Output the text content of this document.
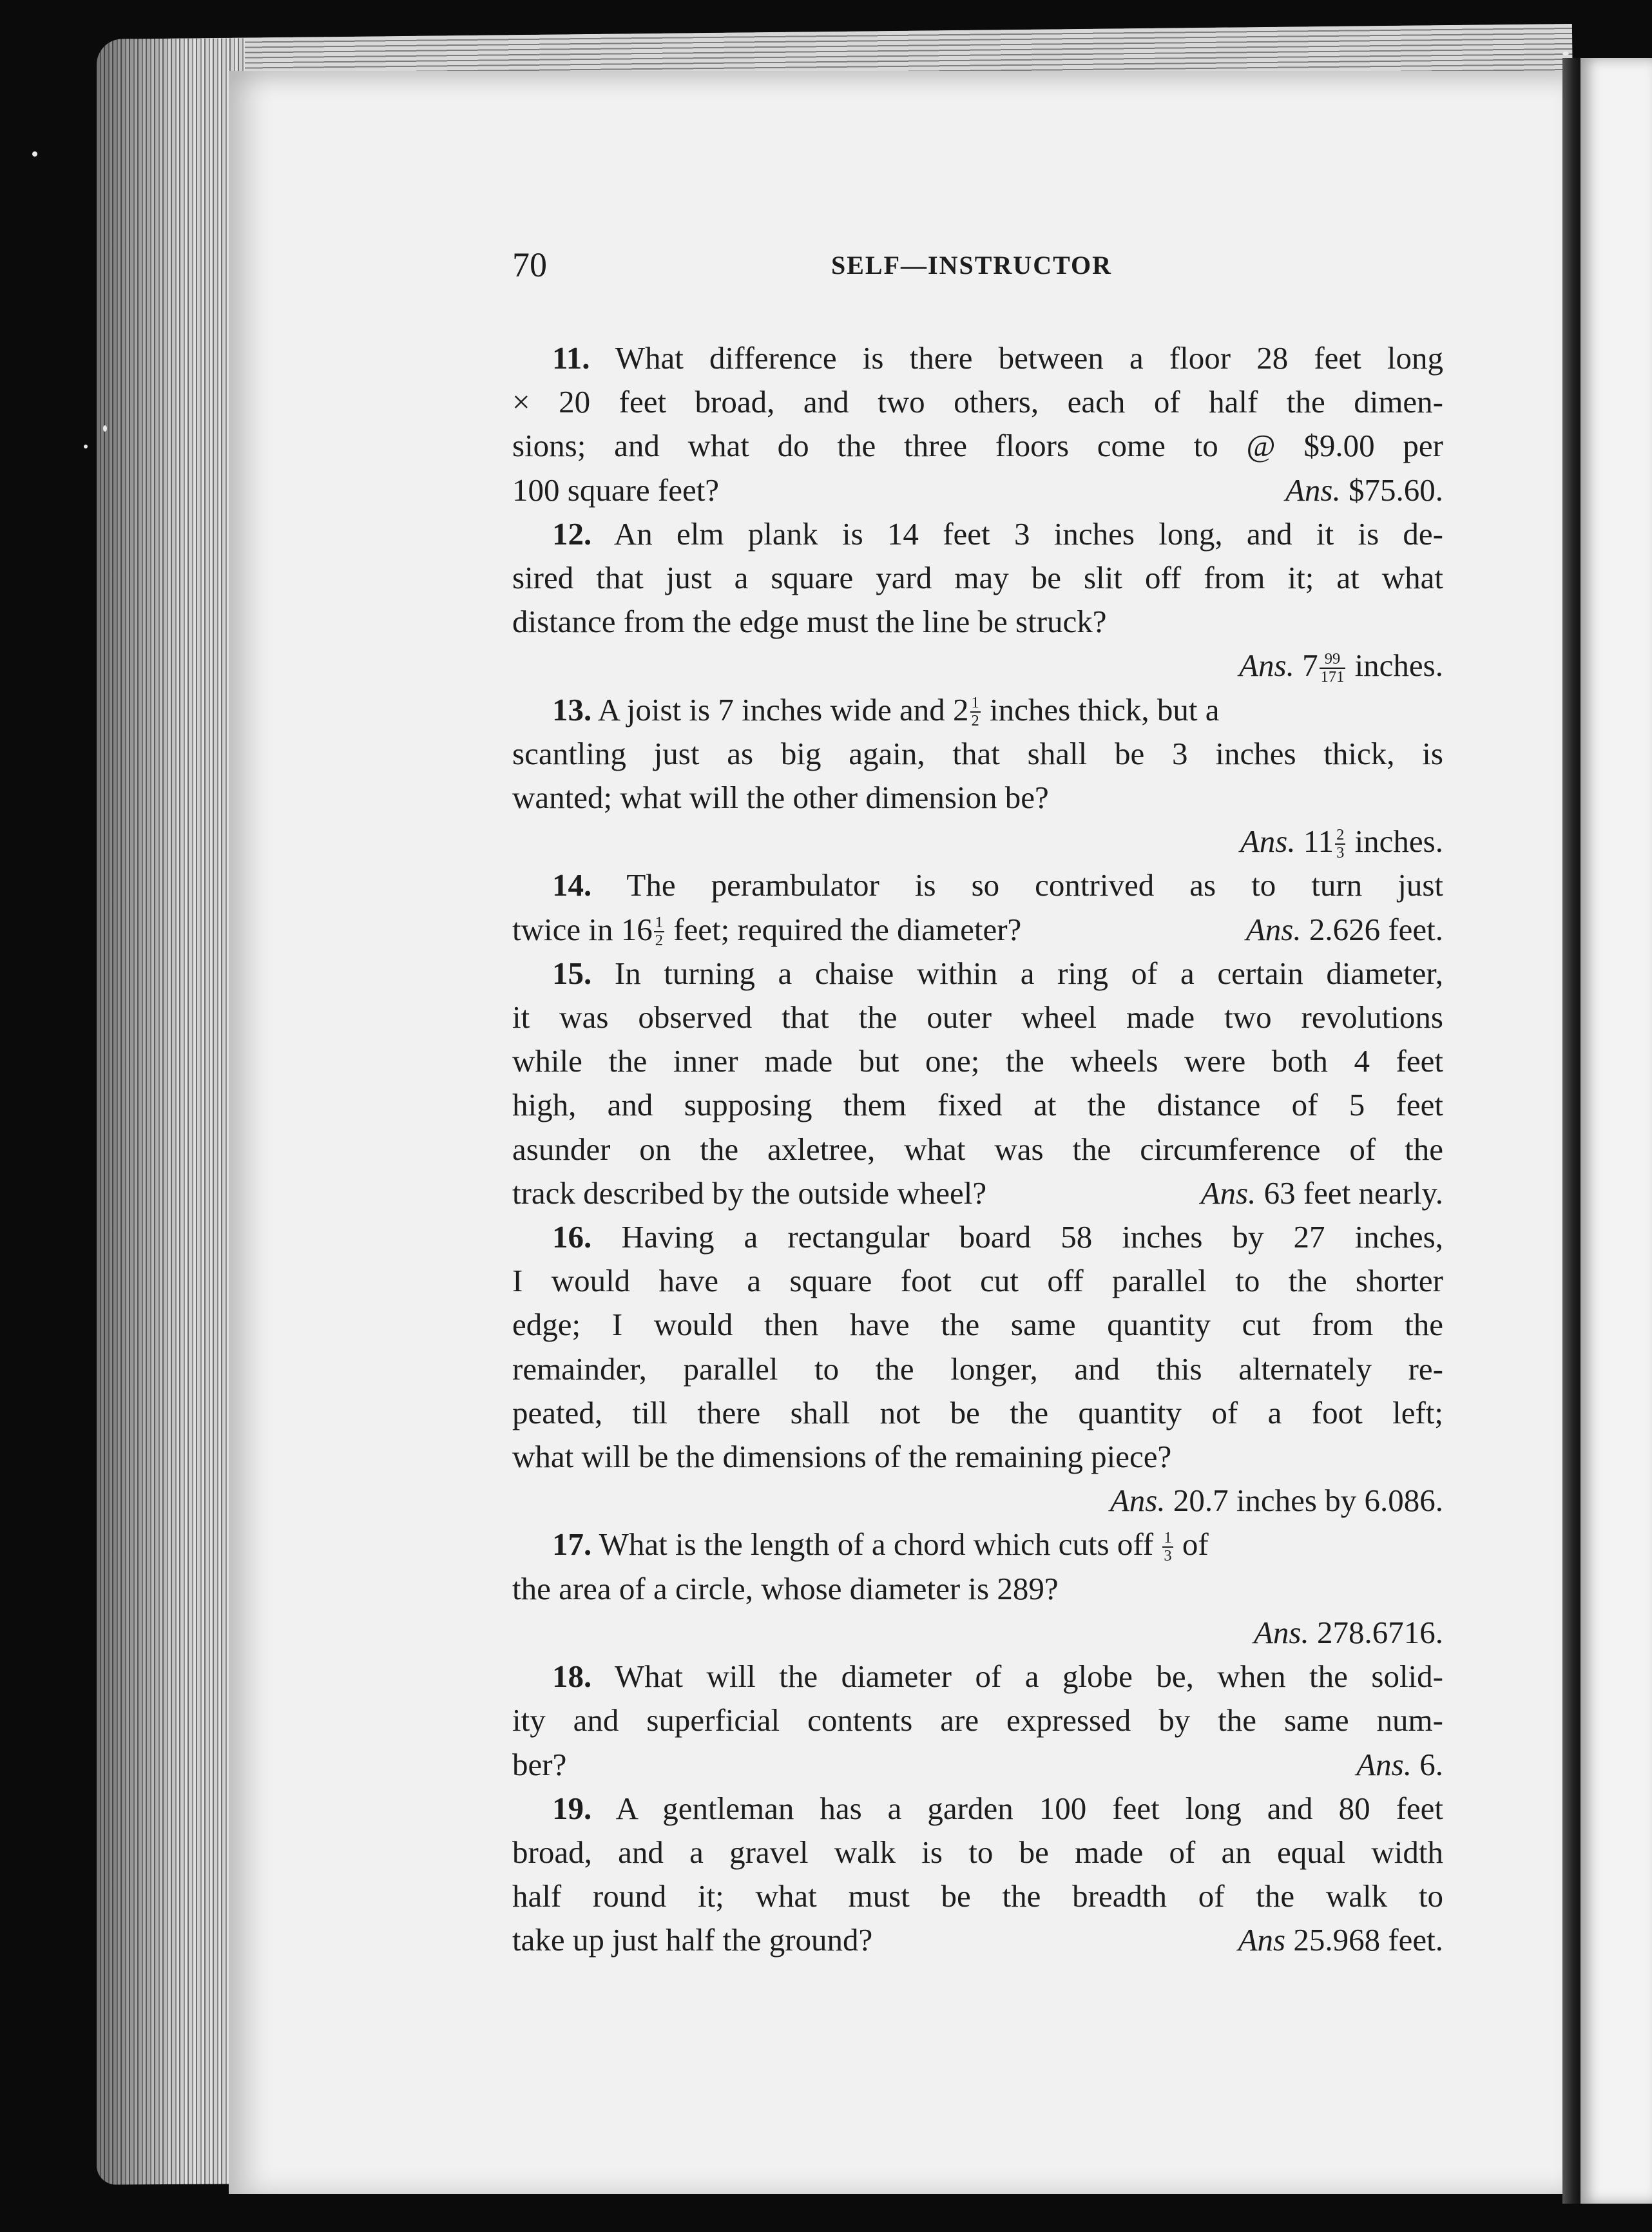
70	SELF—INSTRUCTOR
11. What difference is there between a floor 28 feet long
× 20 feet broad, and two others, each of half the dimen-
sions; and what do the three floors come to @ $9.00 per
100 square feet?	Ans. $75.60.
12. An elm plank is 14 feet 3 inches long, and it is de-
sired that just a square yard may be slit off from it; at what
distance from the edge must the line be struck?
Ans. $7 \frac{99}{171}$ inches.
13. A joist is 7 inches wide and $2 \frac{1}{2}$ inches thick, but a
scantling just as big again, that shall be 3 inches thick, is
wanted; what will the other dimension be?
Ans. $11 \frac{2}{3}$ inches.
14. The perambulator is so contrived as to turn just
twice in $16 \frac{1}{2}$ feet; required the diameter?	Ans. 2.626 feet.
15. In turning a chaise within a ring of a certain diameter,
it was observed that the outer wheel made two revolutions
while the inner made but one; the wheels were both 4 feet
high, and supposing them fixed at the distance of 5 feet
asunder on the axletree, what was the circumference of the
track described by the outside wheel?	Ans. 63 feet nearly.
16. Having a rectangular board 58 inches by 27 inches,
I would have a square foot cut off parallel to the shorter
edge; I would then have the same quantity cut from the
remainder, parallel to the longer, and this alternately re-
peated, till there shall not be the quantity of a foot left;
what will be the dimensions of the remaining piece?
Ans. 20.7 inches by 6.086.
17. What is the length of a chord which cuts off $\frac{1}{3}$ of
the area of a circle, whose diameter is 289?
Ans. 278.6716.
18. What will the diameter of a globe be, when the solid-
ity and superficial contents are expressed by the same num-
ber?	Ans. 6.
19. A gentleman has a garden 100 feet long and 80 feet
broad, and a gravel walk is to be made of an equal width
half round it; what must be the breadth of the walk to
take up just half the ground?	Ans 25.968 feet.
